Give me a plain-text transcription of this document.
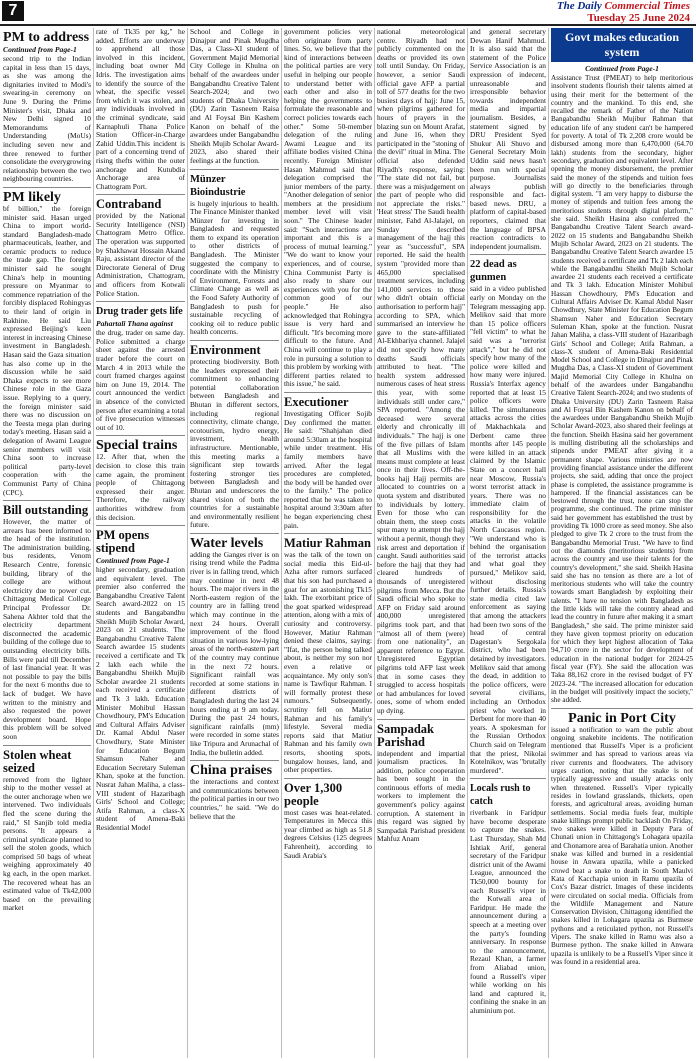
7	The Daily Commercial Times
Tuesday 25 June 2024
PM to address
Continued from Page-1

second trip to the Indian capital in less than 15 days, as she was among the dignitaries invited to Modi's swearing-in ceremony on June 9. During the Prime Minister's visit, Dhaka and New Delhi signed 10 Memorandums of Understanding (MoUs) including seven new and three renewed to further consolidate the everygrowing relationship between the two neighbouring countries.

PM likely

bf billion," the foreign minister said. Hasan urged China to import world-standard Bangladesh-made pharmaceuticals, leather, and ceramic products to reduce the trade gap. The foreign minister said he sought China's help in mounting pressure on Myanmar to commence repatriation of the forcibly displaced Rohingyas to their land of origin in Rakhine. He said Liu expressed Beijing's keen interest in increasing Chinese investment in Bangladesh. Hasan said the Gaza situation has also come up in the discussion while he said Dhaka expects to see more Chinese role in the Gaza issue. Replying to a query, the foreign minister said there was no discussion on the Teesta mega plan during today's meeting. Hasan said a delegation of Awami League senior members will visit China soon to increase political party-level cooperation with the Communist Party of China (CPC).

Bill outstanding

However, the matter of arrears has been informed to the head of the institution. The administration building, bus residents, Venom Research Centre, forensic building, library of the college are without electricity due to power cut. Chittagong Medical College Principal Professor Dr. Sahena Akhter told that the electricity department disconnected the academic building of the college due to outstanding electricity bills. Bills were paid till December of last financial year. It was not possible to pay the bills for the next 6 months due to lack of budget. We have written to the ministry and also requested the power development board. Hope this problem will be solved soon

Stolen wheat seized

removed from the lighter ship to the mother vessel at the outer anchorage when we intervened. Two individuals fled the scene during the raid," SI Sanjib told media persons. "It appears a criminal syndicate planned to sell the stolen goods, which comprised 50 bags of wheat weighing approximately 40 kg each, in the open market. The recovered wheat has an estimated value of Tk42,000 based on the prevailing market

rate of Tk35 per kg," he added. Efforts are underway to apprehend all those involved in this incident, including boat owner Md Idris. The investigation aims to identify the source of the wheat, the specific vessel from which it was stolen, and any individuals involved in the criminal syndicate, said Karnaphuli Thana Police Station Officer-in-Charge Zahid Uddin.This incident is part of a concerning trend of rising thefts within the outer anchorage and Kutubdia Anchorage area of Chattogram Port.

Contraband

provided by the National Security Intelligence (NSI) Chattogram Metro Office. The operation was supported by Shakhawat Hossain Akand Raju, assistant director of the Directorate General of Drug Administration, Chattogram, and officers from Kotwali Police Station.

Drug trader gets life
Pahartali Thana against

the drug, trader on same day. Police submitted a charge sheet against the arrested trader before the court on March 4 in 2013 while the court framed charges against him on June 19, 2014. The court announced the verdict in absence of the convicted person after examining a total of five prosecution witnesses out of 10.

Special trains

12. After that, when the decision to close this train came again, the prominent people of Chittagong expressed their anger. Therefore, the railway authorities withdrew from this decision.

PM opens stipend
Continued from Page-1

higher secondary, graduation and equivalent level. The premier also conferred the Bangabandhu Creative Talent Search award-2022 on 15 students and Bangabandhu Sheikh Mujib Scholar Award, 2023 on 21 students. The Bangabandhu Creative Talent Search awardee 15 students received a certificate and Tk 2 lakh each while the Bangabandhu Sheikh Mujib Scholar awardee 21 students each received a certificate and Tk 3 lakh. Education Minister Mohibul Hassan Chowdhoury, PM's Education and Cultural Affairs Adviser Dr. Kamal Abdul Naser Chowdhury, State Minister for Education Begum Shamsun Naher and Education Secretary Suleman Khan, spoke at the function. Nusrat Jahan Maliha, a class-VIII student of Hazaribagh Girls' School and College; Atifa Rahman, a class-X student of Amena-Baki Residential Model

School and College in Dinajpur and Pinak Mugdha Das, a Class-XI student of Government Majid Memorial City College in Khulna on behalf of the awardees under Bangabandhu Creative Talent Search-2024; and two students of Dhaka University (DU) Zarin Tasneem Raisa and Al Foysal Bin Kashem Kanon on behalf of the awardees under Bangabandhu Sheikh Mujib Scholar Award-2023, also shared their feelings at the function.

Münzer Bioindustrie

is hugely injurious to health. The Finance Minister thanked Münzer for investing in Bangladesh and requested them to expand its operation to other districts of Bangladesh. The Minister suggested the company to coordinate with the Ministry of Environment, Forests and Climate Change as well as the Food Safety Authority of Bangladesh to push for sustainable recycling of cooking oil to reduce public health concerns.

Environment

protecting biodiversity. Both the leaders expressed their commitment to enhancing potential collaboration between Bangladesh and Bhutan in different sectors, including regional connectivity, climate change, ecotourism, hydro energy, investment, health infrastructure. Mentionable, this meeting marks a significant step towards fostering stronger ties between Bangladesh and Bhutan and underscores the shared vision of both the countries for a sustainable and environmentally resilient future.

Water levels

adding the Ganges river is on rising trend while the Padma river is in falling trend, which may continue in next 48 hours. The major rivers in the North-eastern region of the country are in falling trend which may continue in the next 24 hours. Overall improvement of the flood situation in various low-lying areas of the north-eastern part of the country may continue in the next 72 hours. Significant rainfall was recorded at some stations in different districts of Bangladesh during the last 24 hours ending at 9 am today. During the past 24 hours, significant rainfalls (mm) were recorded in some states like Tripura and Arunachal of India, the bulletin added.

China praises

the interactions and context and communications between the political parties in our two countries," he said. "We do believe that the

government policies very often originate from party lines. So, we believe that the kind of interactions between the political parties are very useful in helping our people to understand better with each other and also in helping the governments to formulate the reasonable and correct policies towards each other." Some 50-member delegation of the ruling Awami League and its affiliate bodies visited China recently. Foreign Minister Hasan Mahmud said that delegation comprised the junior members of the party. "Another delegation of senior members at the presidium member level will visit soon." The Chinese leader said: "Such interactions are important and this is a process of mutual learning." "We do want to know your experiences, and of course, China Communist Party is also ready to share our experiences with you for the common good of our people." He also acknowledged that Rohingya issue is very hard and difficult. "It's becoming more difficult to the future. And China will continue to play a role in pursuing a solution to this problem by working with different parties related to this issue," he said.

Executioner

Investigating Officer Sojib Dey confirmed the matter. He said: "Shahjahan died around 5:30am at the hospital while under treatment. His family members have arrived. After the legal procedures are completed, the body will be handed over to the family." The police reported that he was taken to hospital around 3:30am after he began experiencing chest pain.

Matiur Rahman

was the talk of the town on social media this Eid-ul-Azha after rumors surfaced that his son had purchased a goat for an astonishing Tk15 lakh. The exorbitant price of the goat sparked widespread attention, along with a mix of curiosity and controversy. However, Matiur Rahman denied these claims, saying: "Ifat, the person being talked about, is neither my son nor even a relative or acquaintance. My only son's name is Tawfiqur Rahman. I will formally protest these rumours." Subsequently, scrutiny fell on Matiur Rahman and his family's lifestyle. Several media reports said that Matiur Rahman and his family own resorts, shooting spots, bungalow houses, land, and other properties.

Over 1,300 people

most cases was heat-related. Temperatures in Mecca this year climbed as high as 51.8 degrees Celsius (125 degrees Fahrenheit), according to Saudi Arabia's

national meteorological centre. Riyadh had not publicly commented on the deaths or provided its own toll until Sunday. On Friday, however, a senior Saudi official gave AFP a partial toll of 577 deaths for the two busiest days of hajj: June 15, when pilgrims gathered for hours of prayers in the blazing sun on Mount Arafat, and June 16, when they participated in the "stoning of the devil" ritual in Mina. The official also defended Riyadh's response, saying: "The state did not fail, but there was a misjudgement on the part of people who did not appreciate the risks." 'Heat stress' The Saudi health minister, Fahd Al-Jalajel, on Sunday described management of the hajj this year as "successful", SPA reported. He said the health system "provided more than 465,000 specialised treatment services, including 141,000 services to those who didn't obtain official authorisation to perform hajj" according to SPA, which summarised an interview he gave to the state-affiliated Al-Ekhbariya channel. Jalajel did not specify how many deaths Saudi officials attributed to heat. "The health system addressed numerous cases of heat stress this year, with some individuals still under care," SPA reported. "Among the deceased were several elderly and chronically ill individuals." The hajj is one of the five pillars of Islam that all Muslims with the means must complete at least once in their lives. Off-the-books hajj Hajj permits are allocated to countries on a quota system and distributed to individuals by lottery. Even for those who can obtain them, the steep costs spur many to attempt the hajj without a permit, though they risk arrest and deportation if caught. Saudi authorities said before the hajj that they had cleared hundreds of thousands of unregistered pilgrims from Mecca. But the Saudi official who spoke to AFP on Friday said around 400,000 unregistered pilgrims took part, and that "almost all of them (were) from one nationality", an apparent reference to Egypt. Unregistered Egyptian pilgrims told AFP last week that in some cases they struggled to access hospitals or had ambulances for loved ones, some of whom ended up dying.

Sampadak Parishad

independent and impartial journalism practices. In addition, police cooperation has been sought in the continuous efforts of media workers to implement the government's policy against corruption. A statement in this regard was signed by Sampadak Parishad president Mahfuz Anam

and general secretary Dewan Hanif Mahmud. It is also said that the statement of the Police Service Association is an expression of indecent, unreasonable and irresponsible behavior towards independent media and impartial journalism. Besides, a statement signed by DRU President Syed Shukur Ali Shuvo and General Secretary Moin Uddin said news hasn't been run with special purpose. Journalists always publish responsible and fact-based news. DRU, a platform of capital-based reporters, claimed that the language of BPSA reaction contradicts to independent journalism.

22 dead as gunmen

said in a video published early on Monday on the Telegram messaging app. Melikov said that more than 15 police officers "fell victim" to what he said was a "terrorist attack"," but he did not specify how many of the police were killed and how many were injured. Russia's Interfax agency reported that at least 15 police officers were killed. The simultaneous attacks across the cities of Makhachkala and Derbent came three months after 145 people were killed in an attack claimed by the Islamic State on a concert hall near Moscow, Russia's worst terrorist attack in years. There was no immediate claim of responsibility for the attacks in the volatile North Caucasus region. "We understand who is behind the organisation of the terrorist attacks and what goal they pursued," Melikov said, without disclosing further details. Russia's state media cited law enforcement as saying that among the attackers had been two sons of the head of central Dagestan's Sergokala district, who had been detained by investigators. Melikov said that among the dead, in addition to the police officers, were several civilians, including an Orthodox priest who worked in Derbent for more than 40 years. A spokesman for the Russian Orthodox Church said on Telegram that the priest, Nikolai Kotelnikov, was "brutally murdered".

Locals rush to catch

riverbank in Faridpur have become desperate to capture the snakes. Last Thursday, Shah Md Ishtiak Arif, general secretary of the Faridpur district unit of the Awami League, announced the Tk50,000 bounty for each Russell's viper in the Kotwali area of Faridpur. He made the announcement during a speech at a meeting over the party's founding anniversary. In response to the announcement, Rezaul Khan, a farmer from Aliabad union, found a Russell's viper while working on his land and captured it, confining the snake in an aluminium pot.

Govt makes education system
Continued from Page-1

Assistance Trust (PMEAT) to help meritorious insolvent students flourish their talents aimed at using their merit for the betterment of the country and the mankind. To this end, she recalled the remark of Father of the Nation Bangabandhu Sheikh Mujibur Rahman that education life of any student can't be hampered for poverty. A total of Tk 2,208 crore would be disbursed among more than 6,470,000 (64.70 lakh) students from the secondary, higher secondary, graduation and equivalent level. After opening the money disbursement, the premier said the money of the stipends and tuition fees will go directly to the beneficiaries through digital system. "I am very happy to disburse the money of stipends and tuition fees among the meritorious students through digital platform," she said. Sheikh Hasina also conferred the Bangabandhu Creative Talent Search award-2022 on 15 students and Bangabandhu Sheikh Mujib Scholar Award, 2023 on 21 students. The Bangabandhu Creative Talent Search awardee 15 students received a certificate and Tk 2 lakh each while the Bangabandhu Sheikh Mujib Scholar awardee 21 students each received a certificate and Tk 3 lakh. Education Minister Mohibul Hassan Chowdhoury, PM's Education and Cultural Affairs Adviser Dr. Kamal Abdul Naser Chowdhury, State Minister for Education Begum Shamsun Naher and Education Secretary Suleman Khan, spoke at the function. Nusrat Jahan Maliha, a class-VIII student of Hazaribagh Girls' School and College; Atifa Rahman, a class-X student of Amena-Baki Residential Model School and College in Dinajpur and Pinak Mugdha Das, a Class-XI student of Government Majid Memorial City College in Khulna on behalf of the awardees under Bangabandhu Creative Talent Search-2024; and two students of Dhaka University (DU) Zarin Tasneem Raisa and Al Foysal Bin Kashem Kanon on behalf of the awardees under Bangabandhu Sheikh Mujib Scholar Award-2023, also shared their feelings at the function. Sheikh Hasina said her government is mulling distributing all the scholarships and stipends under PMEAT after giving it a permanent shape. Various ministries are now providing financial assistance under the different projects, she said, adding that once the project phase is completed, the assistance programme is hampered. If the financial assistances can be bestowed through the trust, none can stop the programme, she continued. The prime minister said her government has established the trust by providing Tk 1000 crore as seed money. She also pledged to give Tk 2 crore to the trust from the Bangabandhu Memorial Trust. "We have to find out the diamonds (meritorious students) from across the country and use their talents for the country's development," she said. Sheikh Hasina said she has no tension as there are a lot of meritorious students who will take the country towards smart Bangladesh by exploiting their talents. "I have no tension with Bangladesh as the little kids will take the country ahead and lead the country in future after making it a smart Bangladesh," she said. The prime minister said they have given topmost priority on education for which they kept highest allocation of Taka 94,710 crore in the sector for development of education in the national budget for 2024-25 fiscal year (FY). She said the allocation was Taka 88,162 crore in the revised budget of FY 2023-24. "The increased allocation for education in the budget will positively impact the society," she added.

Panic in Port City

issued a notification to warn the public about ongoing snakebite incidents. The notification mentioned that Russell's Viper is a proficient swimmer and has spread to various areas via river currents and floodwaters. The advisory urges caution, noting that the snake is not typically aggressive and usually attacks only when threatened. Russell's Viper typically resides in lowland grasslands, thickets, open forests, and agricultural areas, avoiding human settlements. Social media fuels fear, multiple snake killings prompt public backlash On Friday, two snakes were killed in Deputy Para of Chunati union in Chittagong's Lohagara upazila and Chonamore area of Barahatia union. Another snake was killed and burned in a residential house in Anwara upazila, while a panicked crowd beat a snake to death in South Maulvi Kata of Kacchapia union in Ramu upazila of Cox's Bazar district. Images of these incidents were circulated on social media. Officials from the Wildlife Management and Nature Conservation Division, Chittagong identified the snakes killed in Lohagara upazila as Burmese pythons and a reticulated python, not Russell's Vipers. The snake killed in Ramu was also a Burmese python. The snake killed in Anwara upazila is unlikely to be a Russell's Viper since it was found in a residential area.
